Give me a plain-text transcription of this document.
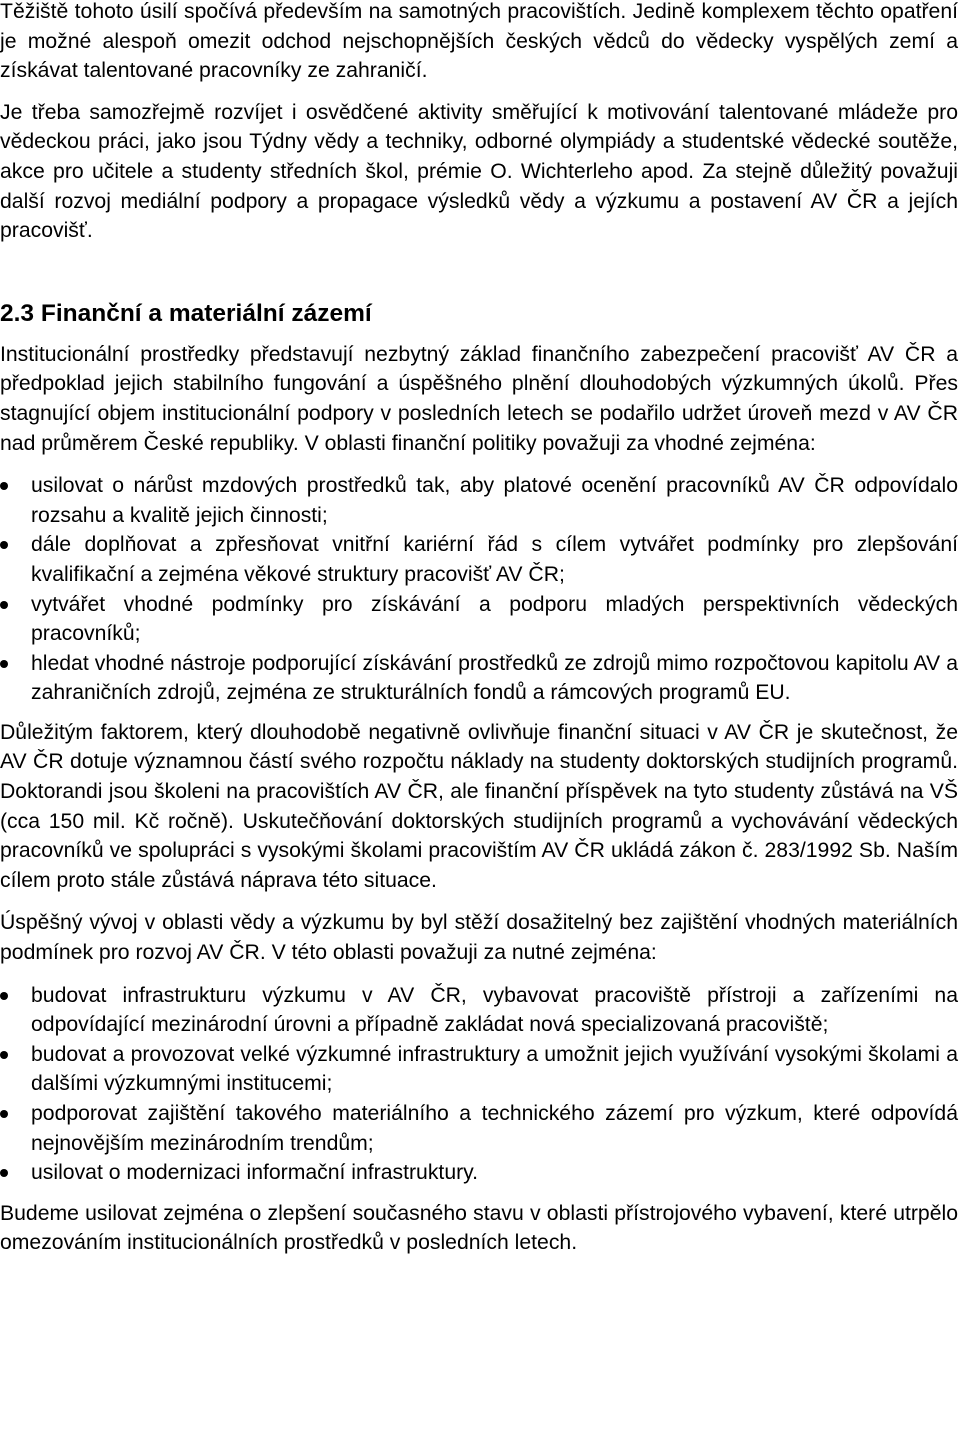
Těžiště tohoto úsilí spočívá především na samotných pracovištích. Jedině komplexem těchto opatření je možné alespoň omezit odchod nejschopnějších českých vědců do vědecky vyspělých zemí a získávat talentované pracovníky ze zahraničí.

Je třeba samozřejmě rozvíjet i osvědčené aktivity směřující k motivování talentované mládeže pro vědeckou práci, jako jsou Týdny vědy a techniky, odborné olympiády a studentské vědecké soutěže, akce pro učitele a studenty středních škol, prémie O. Wichterleho apod. Za stejně důležitý považuji další rozvoj mediální podpory a propagace výsledků vědy a výzkumu a postavení AV ČR a jejích pracovišť.

2.3 Finanční a materiální zázemí

Institucionální prostředky představují nezbytný základ finančního zabezpečení pracovišť AV ČR a předpoklad jejich stabilního fungování a úspěšného plnění dlouhodobých výzkumných úkolů. Přes stagnující objem institucionální podpory v posledních letech se podařilo udržet úroveň mezd v AV ČR nad průměrem České republiky. V oblasti finanční politiky považuji za vhodné zejména:

usilovat o nárůst mzdových prostředků tak, aby platové ocenění pracovníků AV ČR odpovídalo rozsahu a kvalitě jejich činnosti;
dále doplňovat a zpřesňovat vnitřní kariérní řád s cílem vytvářet podmínky pro zlepšování kvalifikační a zejména věkové struktury pracovišť AV ČR;
vytvářet vhodné podmínky pro získávání a podporu mladých perspektivních vědeckých pracovníků;
hledat vhodné nástroje podporující získávání prostředků ze zdrojů mimo rozpočtovou kapitolu AV a zahraničních zdrojů, zejména ze strukturálních fondů a rámcových programů EU.

Důležitým faktorem, který dlouhodobě negativně ovlivňuje finanční situaci v AV ČR je skutečnost, že AV ČR dotuje významnou částí svého rozpočtu náklady na studenty doktorských studijních programů. Doktorandi jsou školeni na pracovištích AV ČR, ale finanční příspěvek na tyto studenty zůstává na VŠ (cca 150 mil. Kč ročně). Uskutečňování doktorských studijních programů a vychovávání vědeckých pracovníků ve spolupráci s vysokými školami pracovištím AV ČR ukládá zákon č. 283/1992 Sb. Naším cílem proto stále zůstává náprava této situace.

Úspěšný vývoj v oblasti vědy a výzkumu by byl stěží dosažitelný bez zajištění vhodných materiálních podmínek pro rozvoj AV ČR. V této oblasti považuji za nutné zejména:

budovat infrastrukturu výzkumu v AV ČR, vybavovat pracoviště přístroji a zařízeními na odpovídající mezinárodní úrovni a případně zakládat nová specializovaná pracoviště;
budovat a provozovat velké výzkumné infrastruktury a umožnit jejich využívání vysokými školami a dalšími výzkumnými institucemi;
podporovat zajištění takového materiálního a technického zázemí pro výzkum, které odpovídá nejnovějším mezinárodním trendům;
usilovat o modernizaci informační infrastruktury.

Budeme usilovat zejména o zlepšení současného stavu v oblasti přístrojového vybavení, které utrpělo omezováním institucionálních prostředků v posledních letech.
